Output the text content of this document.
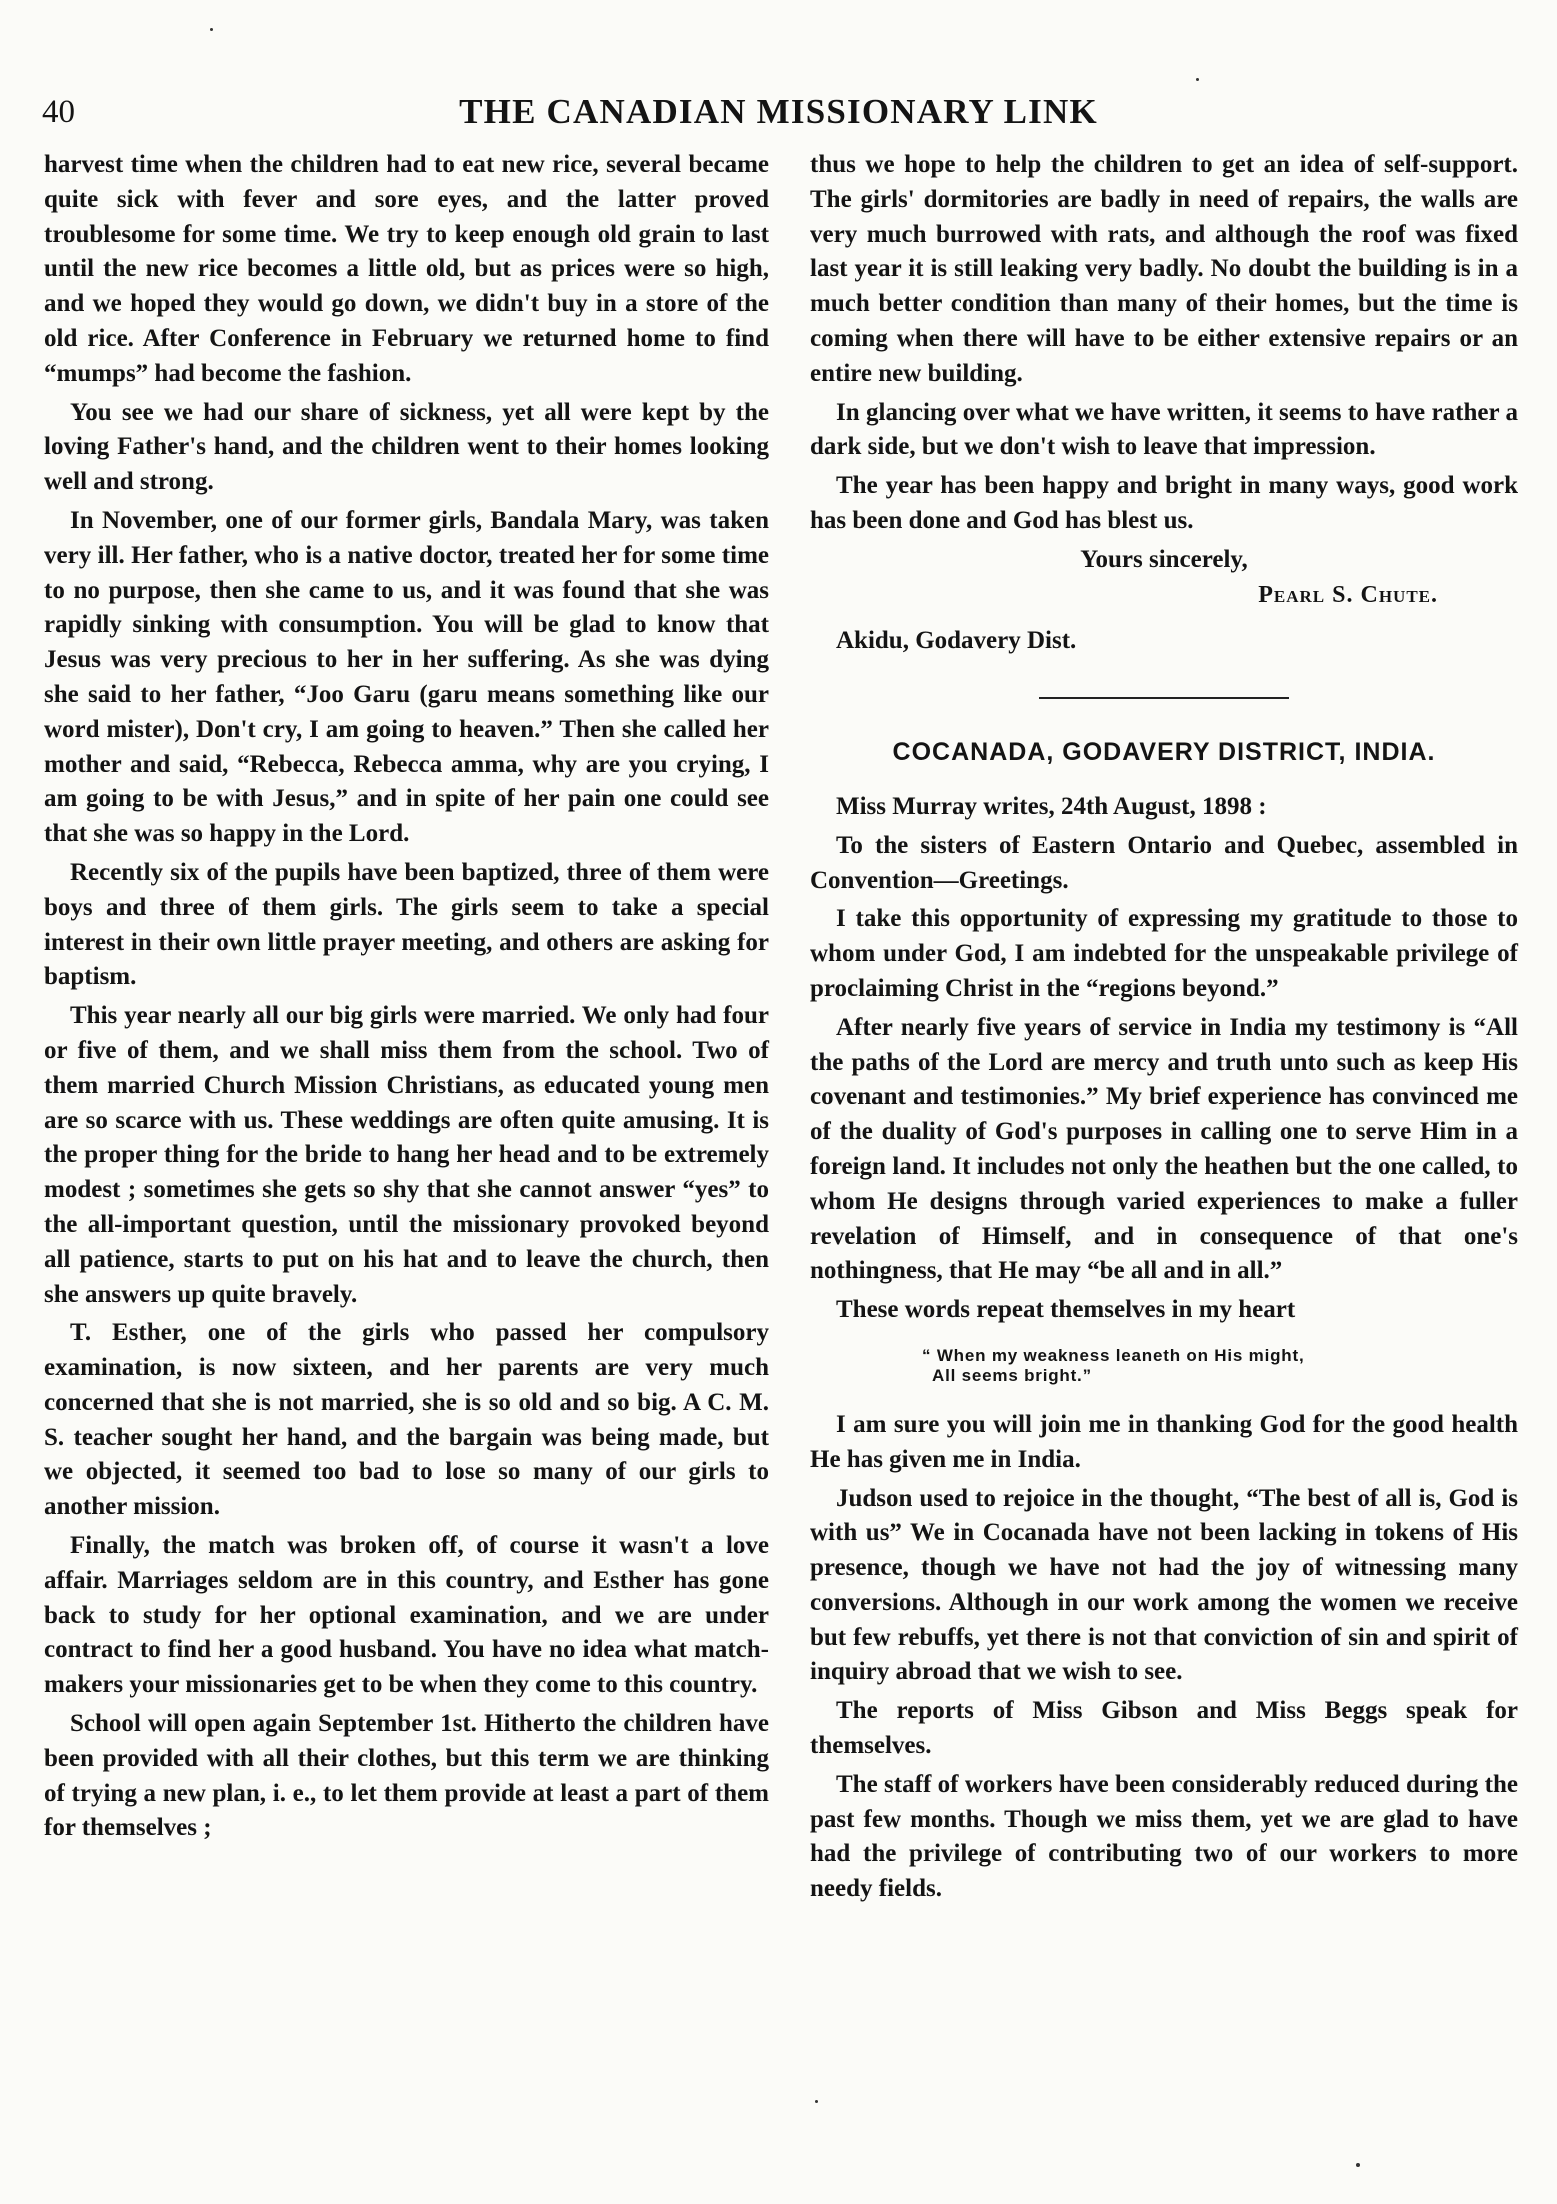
40	THE CANADIAN MISSIONARY LINK

harvest time when the children had to eat new rice, several became quite sick with fever and sore eyes, and the latter proved troublesome for some time. We try to keep enough old grain to last until the new rice becomes a little old, but as prices were so high, and we hoped they would go down, we didn't buy in a store of the old rice. After Conference in February we returned home to find “mumps” had become the fashion.

You see we had our share of sickness, yet all were kept by the loving Father's hand, and the children went to their homes looking well and strong.

In November, one of our former girls, Bandala Mary, was taken very ill. Her father, who is a native doctor, treated her for some time to no purpose, then she came to us, and it was found that she was rapidly sinking with consumption. You will be glad to know that Jesus was very precious to her in her suffering. As she was dying she said to her father, “Joo Garu (garu means something like our word mister), Don't cry, I am going to heaven.” Then she called her mother and said, “Rebecca, Rebecca amma, why are you crying, I am going to be with Jesus,” and in spite of her pain one could see that she was so happy in the Lord.

Recently six of the pupils have been baptized, three of them were boys and three of them girls. The girls seem to take a special interest in their own little prayer meeting, and others are asking for baptism.

This year nearly all our big girls were married. We only had four or five of them, and we shall miss them from the school. Two of them married Church Mission Christians, as educated young men are so scarce with us. These weddings are often quite amusing. It is the proper thing for the bride to hang her head and to be extremely modest ; sometimes she gets so shy that she cannot answer “yes” to the all-important question, until the missionary provoked beyond all patience, starts to put on his hat and to leave the church, then she answers up quite bravely.

T. Esther, one of the girls who passed her compulsory examination, is now sixteen, and her parents are very much concerned that she is not married, she is so old and so big. A C. M. S. teacher sought her hand, and the bargain was being made, but we objected, it seemed too bad to lose so many of our girls to another mission.

Finally, the match was broken off, of course it wasn't a love affair. Marriages seldom are in this country, and Esther has gone back to study for her optional examination, and we are under contract to find her a good husband. You have no idea what match-makers your missionaries get to be when they come to this country.

School will open again September 1st. Hitherto the children have been provided with all their clothes, but this term we are thinking of trying a new plan, i. e., to let them provide at least a part of them for themselves ;

thus we hope to help the children to get an idea of self-support. The girls' dormitories are badly in need of repairs, the walls are very much burrowed with rats, and although the roof was fixed last year it is still leaking very badly. No doubt the building is in a much better condition than many of their homes, but the time is coming when there will have to be either extensive repairs or an entire new building.

In glancing over what we have written, it seems to have rather a dark side, but we don't wish to leave that impression.

The year has been happy and bright in many ways, good work has been done and God has blest us.

Yours sincerely,
Pearl S. Chute.
Akidu, Godavery Dist.
COCANADA, GODAVERY DISTRICT, INDIA.

Miss Murray writes, 24th August, 1898 :

To the sisters of Eastern Ontario and Quebec, assembled in Convention—Greetings.

I take this opportunity of expressing my gratitude to those to whom under God, I am indebted for the unspeakable privilege of proclaiming Christ in the “regions beyond.”

After nearly five years of service in India my testimony is “All the paths of the Lord are mercy and truth unto such as keep His covenant and testimonies.” My brief experience has convinced me of the duality of God's purposes in calling one to serve Him in a foreign land. It includes not only the heathen but the one called, to whom He designs through varied experiences to make a fuller revelation of Himself, and in consequence of that one's nothingness, that He may “be all and in all.”

These words repeat themselves in my heart

“ When my weakness leaneth on His might,
All seems bright.”

I am sure you will join me in thanking God for the good health He has given me in India.

Judson used to rejoice in the thought, “The best of all is, God is with us” We in Cocanada have not been lacking in tokens of His presence, though we have not had the joy of witnessing many conversions. Although in our work among the women we receive but few rebuffs, yet there is not that conviction of sin and spirit of inquiry abroad that we wish to see.

The reports of Miss Gibson and Miss Beggs speak for themselves.

The staff of workers have been considerably reduced during the past few months. Though we miss them, yet we are glad to have had the privilege of contributing two of our workers to more needy fields.
